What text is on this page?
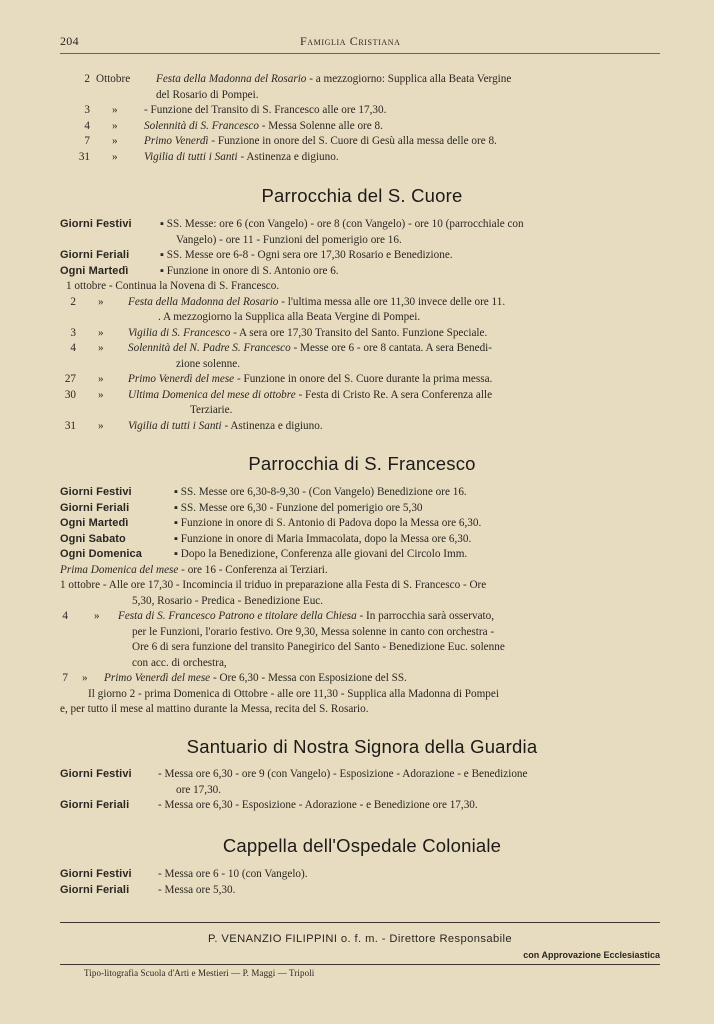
204	Famiglia Cristiana
2 Ottobre Festa della Madonna del Rosario - a mezzogiorno: Supplica alla Beata Vergine
del Rosario di Pompei.
3 » - Funzione del Transito di S. Francesco alle ore 17,30.
4 » Solennità di S. Francesco - Messa Solenne alle ore 8.
7 » Primo Venerdì - Funzione in onore del S. Cuore di Gesù alla messa delle ore 8.
31 » Vigilia di tutti i Santi - Astinenza e digiuno.
Parrocchia del S. Cuore
Giorni Festivi	▪ SS. Messe: ore 6 (con Vangelo) - ore 8 (con Vangelo) - ore 10 (parrocchiale con
Vangelo) - ore 11 - Funzioni del pomerigio ore 16.
Giorni Feriali	▪ SS. Messe ore 6-8 - Ogni sera ore 17,30 Rosario e Benedizione.
Ogni Martedì	▪ Funzione in onore di S. Antonio ore 6.
1 ottobre - Continua la Novena di S. Francesco.
2 » Festa della Madonna del Rosario - l'ultima messa alle ore 11,30 invece delle ore 11.
. A mezzogiorno la Supplica alla Beata Vergine di Pompei.
3 » Vigilia di S. Francesco - A sera ore 17,30 Transito del Santo. Funzione Speciale.
4 » Solennità del N. Padre S. Francesco - Messe ore 6 - ore 8 cantata. A sera Benedi-
zione solenne.
27 » Primo Venerdì del mese - Funzione in onore del S. Cuore durante la prima messa.
30 » Ultima Domenica del mese di ottobre - Festa di Cristo Re. A sera Conferenza alle
Terziarie.
31 » Vigilia di tutti i Santi - Astinenza e digiuno.
Parrocchia di S. Francesco
Giorni Festivi	▪ SS. Messe ore 6,30-8-9,30 - (Con Vangelo) Benedizione ore 16.
Giorni Feriali	▪ SS. Messe ore 6,30 - Funzione del pomerigio ore 5,30
Ogni Martedì	▪ Funzione in onore di S. Antonio di Padova dopo la Messa ore 6,30.
Ogni Sabato	▪ Funzione in onore di Maria Immacolata, dopo la Messa ore 6,30.
Ogni Domenica	▪ Dopo la Benedizione, Conferenza alle giovani del Circolo Imm.
Prima Domenica del mese - ore 16 - Conferenza ai Terziari.
1 ottobre - Alle ore 17,30 - Incomincia il triduo in preparazione alla Festa di S. Francesco - Ore
5,30, Rosario - Predica - Benedizione Euc.
4 » Festa di S. Francesco Patrono e titolare della Chiesa - In parrocchia sarà osservato,
per le Funzioni, l'orario festivo. Ore 9,30, Messa solenne in canto con orchestra -
Ore 6 di sera funzione del transito Panegirico del Santo - Benedizione Euc. solenne
con acc. di orchestra,
7 » Primo Venerdì del mese - Ore 6,30 - Messa con Esposizione del SS.
Il giorno 2 - prima Domenica di Ottobre - alle ore 11,30 - Supplica alla Madonna di Pompei
e, per tutto il mese al mattino durante la Messa, recita del S. Rosario.
Santuario di Nostra Signora della Guardia
Giorni Festivi - Messa ore 6,30 - ore 9 (con Vangelo) - Esposizione - Adorazione - e Benedizione
ore 17,30.
Giorni Feriali	- Messa ore 6,30 - Esposizione - Adorazione - e Benedizione ore 17,30.
Cappella dell'Ospedale Coloniale
Giorni Festivi - Messa ore 6 - 10 (con Vangelo).
Giorni Feriali	- Messa ore 5,30.
P. VENANZIO FILIPPINI o. f. m. - Direttore Responsabile
con Approvazione Ecclesiastica
Tipo-litografia Scuola d'Arti e Mestieri — P. Maggi — Tripoli
